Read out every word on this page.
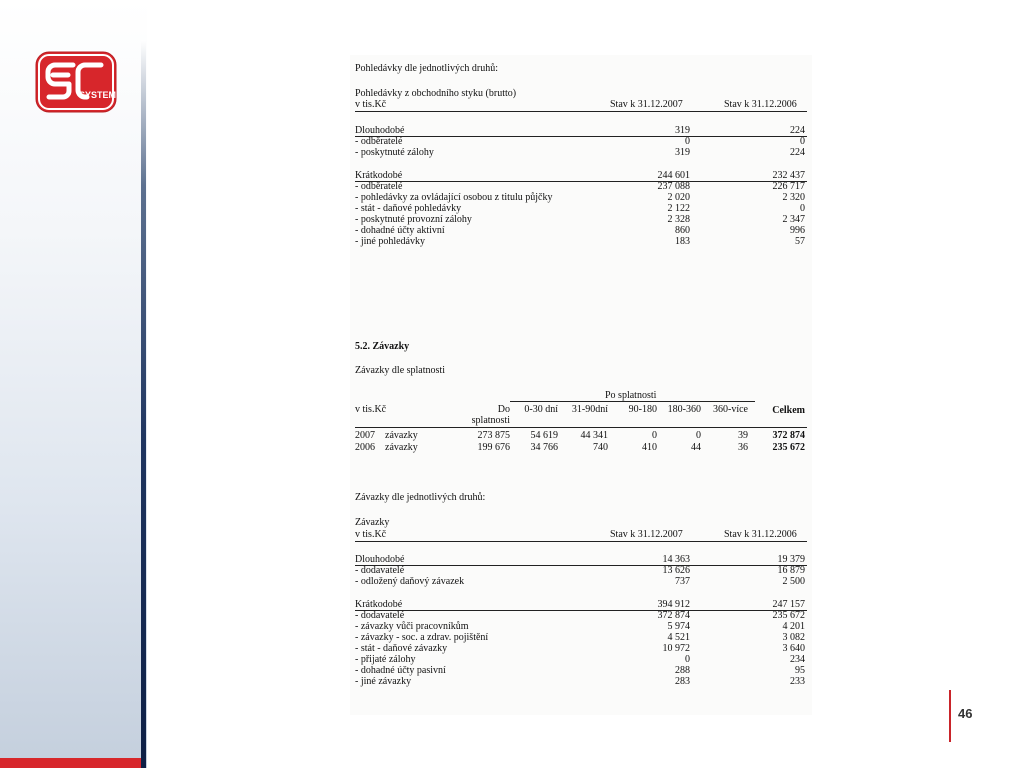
SYSTEM
Pohledávky dle jednotlivých druhů:
Pohledávky z obchodního styku (brutto)
v tis.Kč	Stav k 31.12.2007	Stav k 31.12.2006
Dlouhodobé	319	224
- odběratelé	0	0
- poskytnuté zálohy	319	224
Krátkodobé	244 601	232 437
- odběratelé	237 088	226 717
- pohledávky za ovládající osobou z titulu půjčky	2 020	2 320
- stát - daňové pohledávky	2 122	0
- poskytnuté provozní zálohy	2 328	2 347
- dohadné účty aktivní	860	996
- jiné pohledávky	183	57
5.2. Závazky
Závazky dle splatnosti
Po splatnosti
v tis.Kč	Do
splatnosti
0-30 dní	31-90dní	90-180	180-360	360-více	Celkem
2007 závazky	273 875	54 619	44 341	0	0	39	372 874
2006 závazky	199 676	34 766	740	410	44	36	235 672
Závazky dle jednotlivých druhů:
Závazky
v tis.Kč	Stav k 31.12.2007	Stav k 31.12.2006
Dlouhodobé	14 363	19 379
- dodavatelé	13 626	16 879
- odložený daňový závazek	737	2 500
Krátkodobé	394 912	247 157
- dodavatelé	372 874	235 672
- závazky vůči pracovníkům	5 974	4 201
- závazky - soc. a zdrav. pojištění	4 521	3 082
- stát - daňové závazky	10 972	3 640
- přijaté zálohy	0	234
- dohadné účty pasivní	288	95
- jiné závazky	283	233
46
